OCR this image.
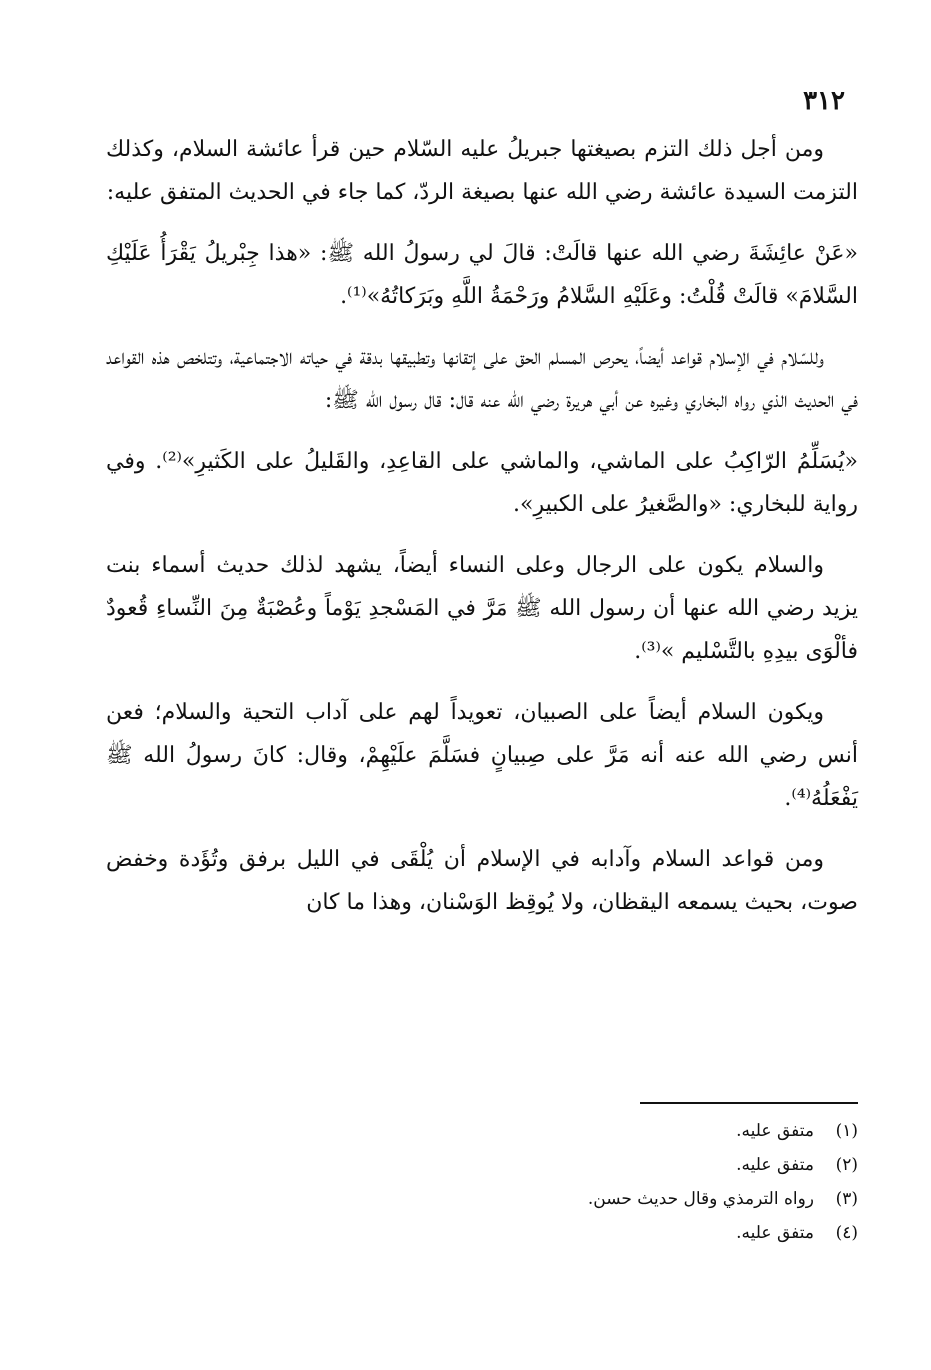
٣١٢

ومن أجل ذلك التزم بصيغتها جبريلُ عليه السّلام حين قرأ عائشة السلام، وكذلك التزمت السيدة عائشة رضي الله عنها بصيغة الردّ، كما جاء في الحديث المتفق عليه:

«عَنْ عائِشَةَ رضي الله عنها قالَتْ: قالَ لي رسولُ الله ﷺ: «هذا جِبْريلُ يَقْرَأُ عَلَيْكِ السَّلامَ» قالَتْ قُلْتُ: وعَلَيْهِ السَّلامُ ورَحْمَةُ اللَّهِ وبَرَكاتُهُ»⁽¹⁾.

وللسّلام في الإسلام قواعد أيضاً، يحرص المسلم الحق على إتقانها وتطبيقها بدقة في حياته الاجتماعية، وتتلخص هذه القواعد في الحديث الذي رواه البخاري وغيره عن أبي هريرة رضي الله عنه قال: قال رسول الله ﷺ:

«يُسَلِّمُ الرّاكِبُ على الماشي، والماشي على القاعِدِ، والقَليلُ على الكَثيرِ»⁽²⁾. وفي رواية للبخاري: «والصَّغيرُ على الكبيرِ».

والسلام يكون على الرجال وعلى النساء أيضاً، يشهد لذلك حديث أسماء بنت يزيد رضي الله عنها أن رسول الله ﷺ مَرَّ في المَسْجدِ يَوْماً وعُصْبَةٌ مِنَ النِّساءِ قُعودٌ فألْوَى بيدِهِ بالتَّسْليم »⁽³⁾.

ويكون السلام أيضاً على الصبيان، تعويداً لهم على آداب التحية والسلام؛ فعن أنس رضي الله عنه أنه مَرَّ على صِبيانٍ فسَلَّمَ علَيْهِمْ، وقال: كانَ رسولُ الله ﷺ يَفْعَلُهُ⁽⁴⁾.

ومن قواعد السلام وآدابه في الإسلام أن يُلْقَى في الليل برفق وتُؤَدة وخفض صوت، بحيث يسمعه اليقظان، ولا يُوقِظ الوَسْنان، وهذا ما كان

(١)
متفق عليه.
(٢)
متفق عليه.
(٣)
رواه الترمذي وقال حديث حسن.
(٤)
متفق عليه.
